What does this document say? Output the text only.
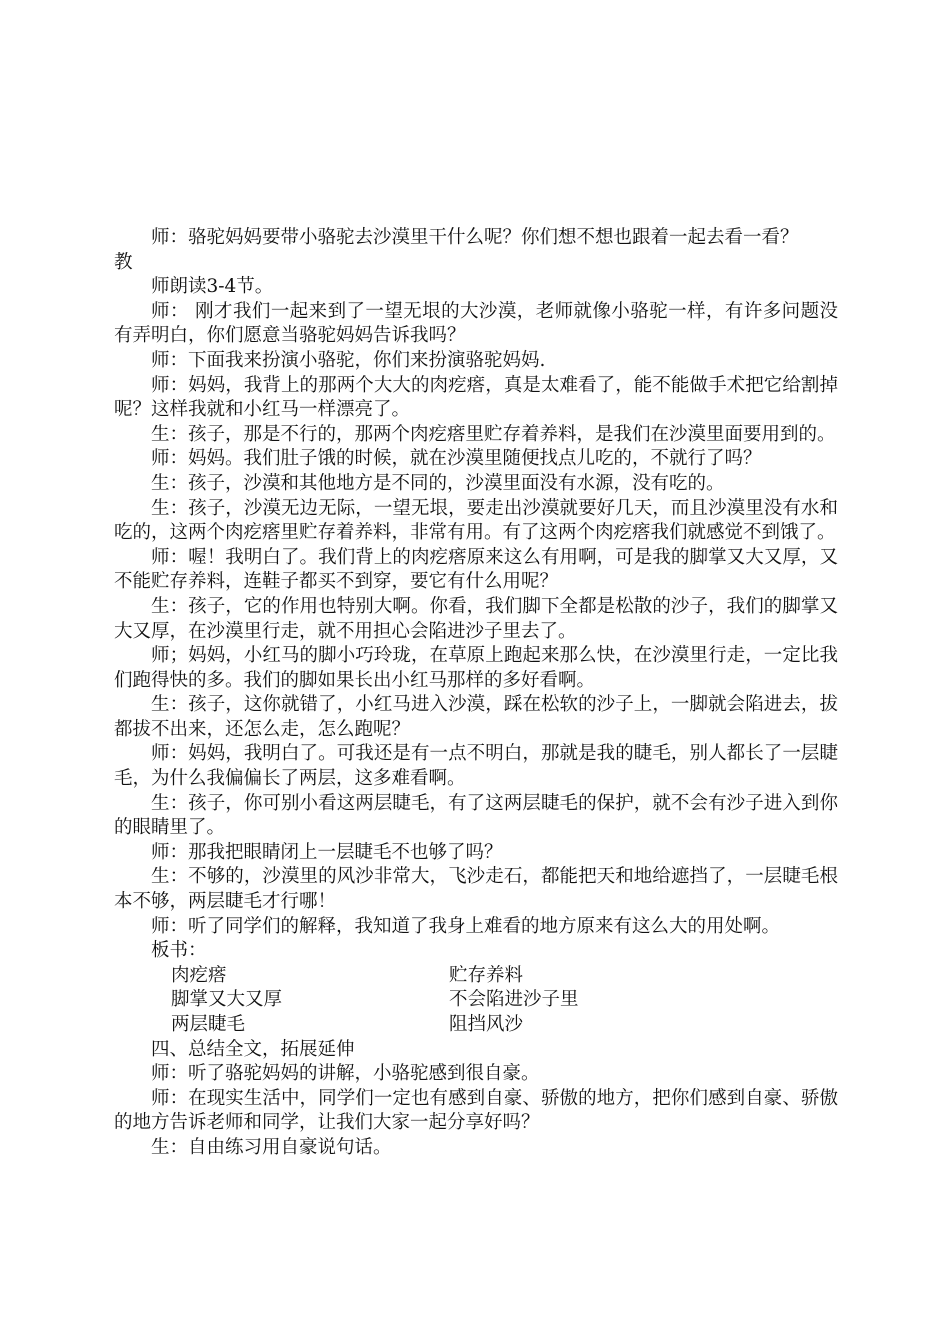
师：骆驼妈妈要带小骆驼去沙漠里干什么呢？你们想不想也跟着一起去看一看？

教

师朗读3-4节。

师： 刚才我们一起来到了一望无垠的大沙漠，老师就像小骆驼一样，有许多问题没有弄明白，你们愿意当骆驼妈妈告诉我吗？

师：下面我来扮演小骆驼，你们来扮演骆驼妈妈.

师：妈妈，我背上的那两个大大的肉疙瘩，真是太难看了，能不能做手术把它给割掉呢？这样我就和小红马一样漂亮了。

生：孩子，那是不行的，那两个肉疙瘩里贮存着养料，是我们在沙漠里面要用到的。

师：妈妈。我们肚子饿的时候，就在沙漠里随便找点儿吃的，不就行了吗？

生：孩子，沙漠和其他地方是不同的，沙漠里面没有水源，没有吃的。

生：孩子，沙漠无边无际，一望无垠，要走出沙漠就要好几天，而且沙漠里没有水和吃的，这两个肉疙瘩里贮存着养料，非常有用。有了这两个肉疙瘩我们就感觉不到饿了。

师：喔！我明白了。我们背上的肉疙瘩原来这么有用啊，可是我的脚掌又大又厚，又不能贮存养料，连鞋子都买不到穿，要它有什么用呢？

生：孩子，它的作用也特别大啊。你看，我们脚下全都是松散的沙子，我们的脚掌又大又厚，在沙漠里行走，就不用担心会陷进沙子里去了。

师；妈妈，小红马的脚小巧玲珑，在草原上跑起来那么快，在沙漠里行走，一定比我们跑得快的多。我们的脚如果长出小红马那样的多好看啊。

生：孩子，这你就错了，小红马进入沙漠，踩在松软的沙子上，一脚就会陷进去，拔都拔不出来，还怎么走，怎么跑呢？

师：妈妈，我明白了。可我还是有一点不明白，那就是我的睫毛，别人都长了一层睫毛，为什么我偏偏长了两层，这多难看啊。

生：孩子，你可别小看这两层睫毛，有了这两层睫毛的保护，就不会有沙子进入到你的眼睛里了。

师：那我把眼睛闭上一层睫毛不也够了吗？

生：不够的，沙漠里的风沙非常大，飞沙走石，都能把天和地给遮挡了，一层睫毛根本不够，两层睫毛才行哪！

师：听了同学们的解释，我知道了我身上难看的地方原来有这么大的用处啊。

板书：

肉疙瘩	贮存养料
脚掌又大又厚	不会陷进沙子里
两层睫毛	阻挡风沙

四、总结全文，拓展延伸

师：听了骆驼妈妈的讲解，小骆驼感到很自豪。

师：在现实生活中，同学们一定也有感到自豪、骄傲的地方，把你们感到自豪、骄傲的地方告诉老师和同学，让我们大家一起分享好吗？

生：自由练习用自豪说句话。
